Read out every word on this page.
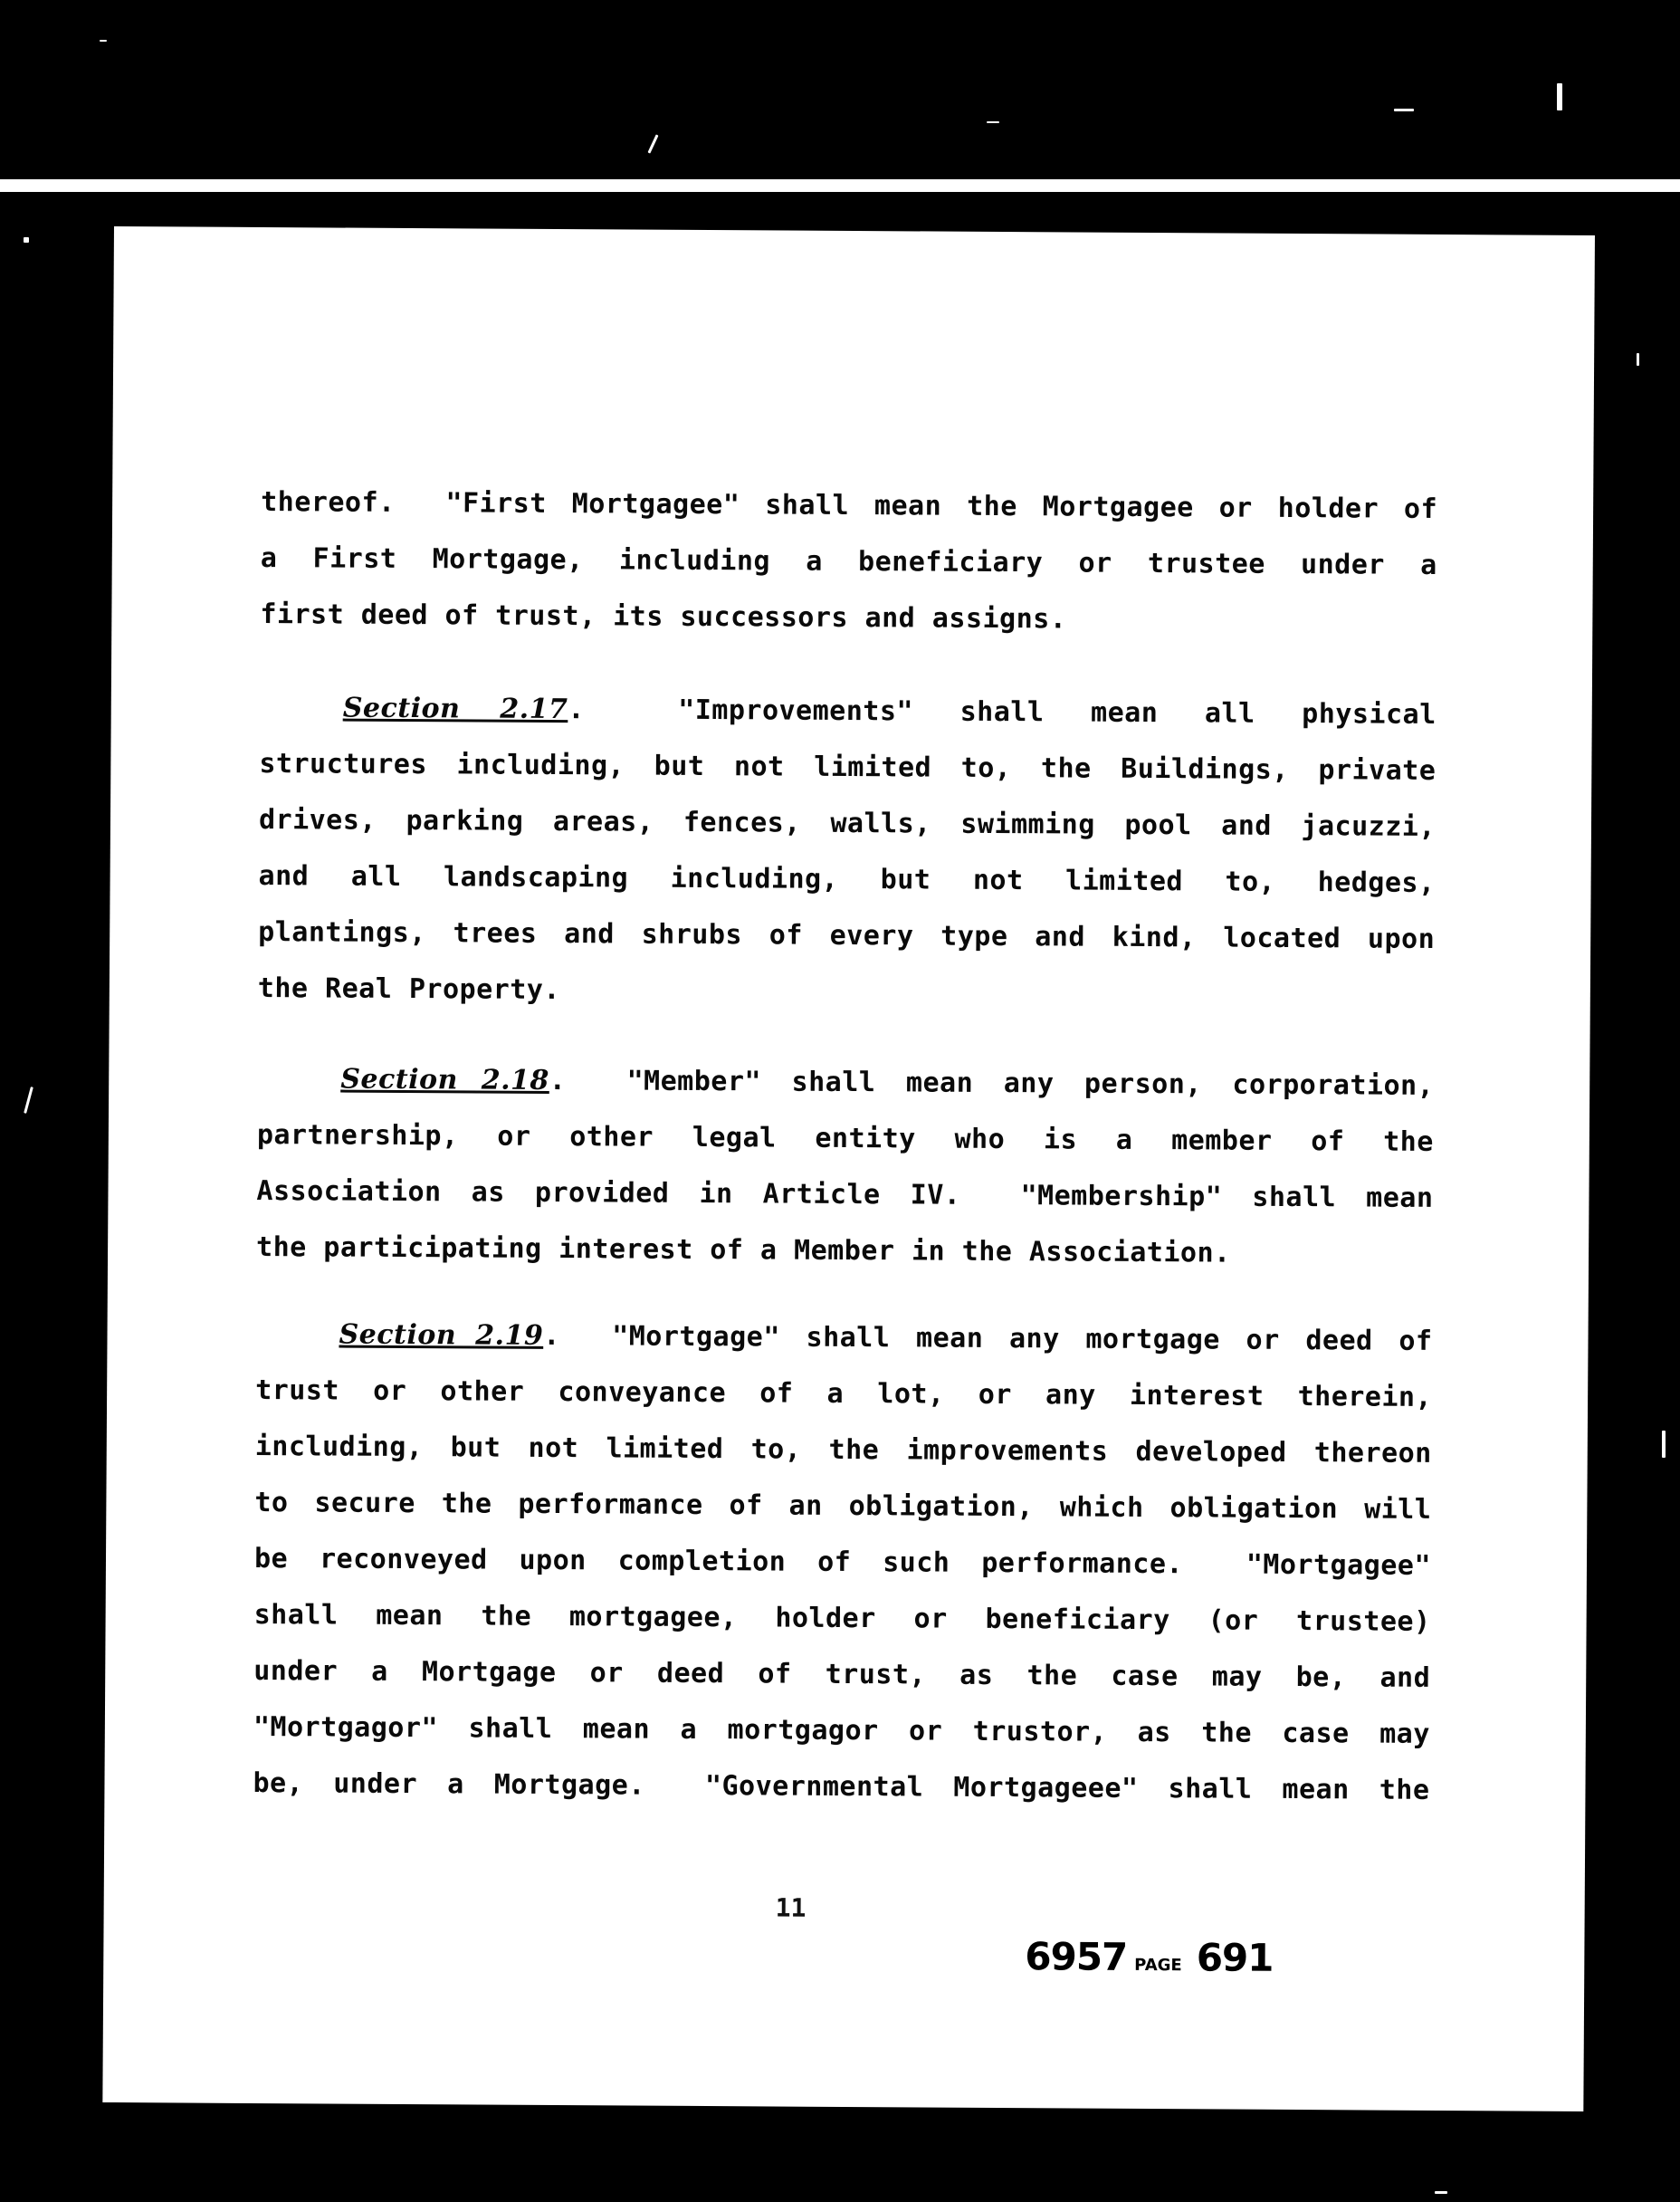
thereof.  "First Mortgagee" shall mean the Mortgagee or holder of
a First Mortgage, including a beneficiary or trustee under a
first deed of trust, its successors and assigns.
Section 2.17.  "Improvements" shall mean all physical
structures including, but not limited to, the Buildings, private
drives, parking areas, fences, walls, swimming pool and jacuzzi,
and all landscaping including, but not limited to, hedges,
plantings, trees and shrubs of every type and kind, located upon
the Real Property.
Section 2.18.  "Member" shall mean any person, corporation,
partnership, or other legal entity who is a member of the
Association as provided in Article IV.  "Membership" shall mean
the participating interest of a Member in the Association.
Section 2.19.  "Mortgage" shall mean any mortgage or deed of
trust or other conveyance of a lot, or any interest therein,
including, but not limited to, the improvements developed thereon
to secure the performance of an obligation, which obligation will
be reconveyed upon completion of such performance.  "Mortgagee"
shall mean the mortgagee, holder or beneficiary (or trustee)
under a Mortgage or deed of trust, as the case may be, and
"Mortgagor" shall mean a mortgagor or trustor, as the case may
be, under a Mortgage.  "Governmental Mortgageee" shall mean the
11
6957 PAGE 691
